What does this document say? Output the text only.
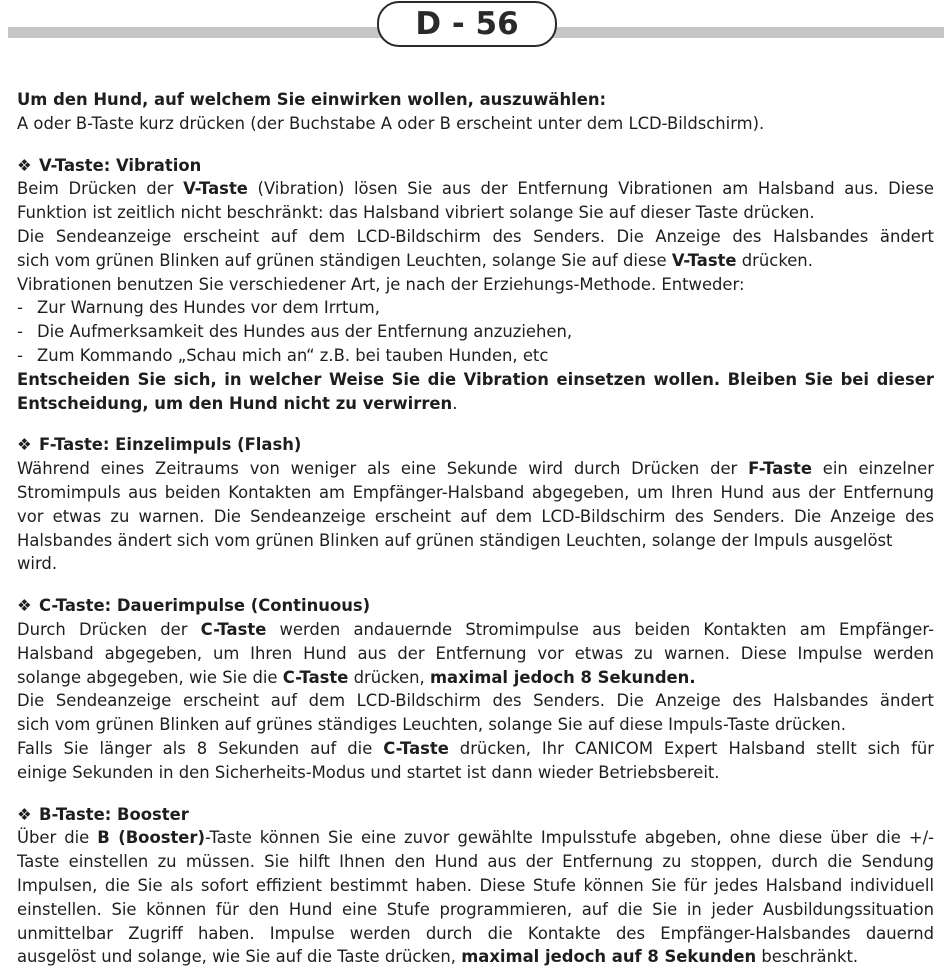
D - 56

Um den Hund, auf welchem Sie einwirken wollen, auszuwählen:

A oder B-Taste kurz drücken (der Buchstabe A oder B erscheint unter dem LCD-Bildschirm).

❖ V-Taste: Vibration

Beim Drücken der V-Taste (Vibration) lösen Sie aus der Entfernung Vibrationen am Halsband aus. Diese

Funktion ist zeitlich nicht beschränkt: das Halsband vibriert solange Sie auf dieser Taste drücken.

Die Sendeanzeige erscheint auf dem LCD-Bildschirm des Senders. Die Anzeige des Halsbandes ändert

sich vom grünen Blinken auf grünen ständigen Leuchten, solange Sie auf diese V-Taste drücken.

Vibrationen benutzen Sie verschiedener Art, je nach der Erziehungs-Methode. Entweder:

- Zur Warnung des Hundes vor dem Irrtum,

- Die Aufmerksamkeit des Hundes aus der Entfernung anzuziehen,

- Zum Kommando „Schau mich an“ z.B. bei tauben Hunden, etc

Entscheiden Sie sich, in welcher Weise Sie die Vibration einsetzen wollen. Bleiben Sie bei dieser

Entscheidung, um den Hund nicht zu verwirren.

❖ F-Taste: Einzelimpuls (Flash)

Während eines Zeitraums von weniger als eine Sekunde wird durch Drücken der F-Taste ein einzelner

Stromimpuls aus beiden Kontakten am Empfänger-Halsband abgegeben, um Ihren Hund aus der Entfernung

vor etwas zu warnen. Die Sendeanzeige erscheint auf dem LCD-Bildschirm des Senders. Die Anzeige des

Halsbandes ändert sich vom grünen Blinken auf grünen ständigen Leuchten, solange der Impuls ausgelöst wird.

❖ C-Taste: Dauerimpulse (Continuous)

Durch Drücken der C-Taste werden andauernde Stromimpulse aus beiden Kontakten am Empfänger-

Halsband abgegeben, um Ihren Hund aus der Entfernung vor etwas zu warnen. Diese Impulse werden

solange abgegeben, wie Sie die C-Taste drücken, maximal jedoch 8 Sekunden.

Die Sendeanzeige erscheint auf dem LCD-Bildschirm des Senders. Die Anzeige des Halsbandes ändert

sich vom grünen Blinken auf grünes ständiges Leuchten, solange Sie auf diese Impuls-Taste drücken.

Falls Sie länger als 8 Sekunden auf die C-Taste drücken, Ihr CANICOM Expert Halsband stellt sich für

einige Sekunden in den Sicherheits-Modus und startet ist dann wieder Betriebsbereit.

❖ B-Taste: Booster

Über die B (Booster)-Taste können Sie eine zuvor gewählte Impulsstufe abgeben, ohne diese über die +/-

Taste einstellen zu müssen. Sie hilft Ihnen den Hund aus der Entfernung zu stoppen, durch die Sendung

Impulsen, die Sie als sofort effizient bestimmt haben. Diese Stufe können Sie für jedes Halsband individuell

einstellen. Sie können für den Hund eine Stufe programmieren, auf die Sie in jeder Ausbildungssituation

unmittelbar Zugriff haben. Impulse werden durch die Kontakte des Empfänger-Halsbandes dauernd

ausgelöst und solange, wie Sie auf die Taste drücken, maximal jedoch auf 8 Sekunden beschränkt.
